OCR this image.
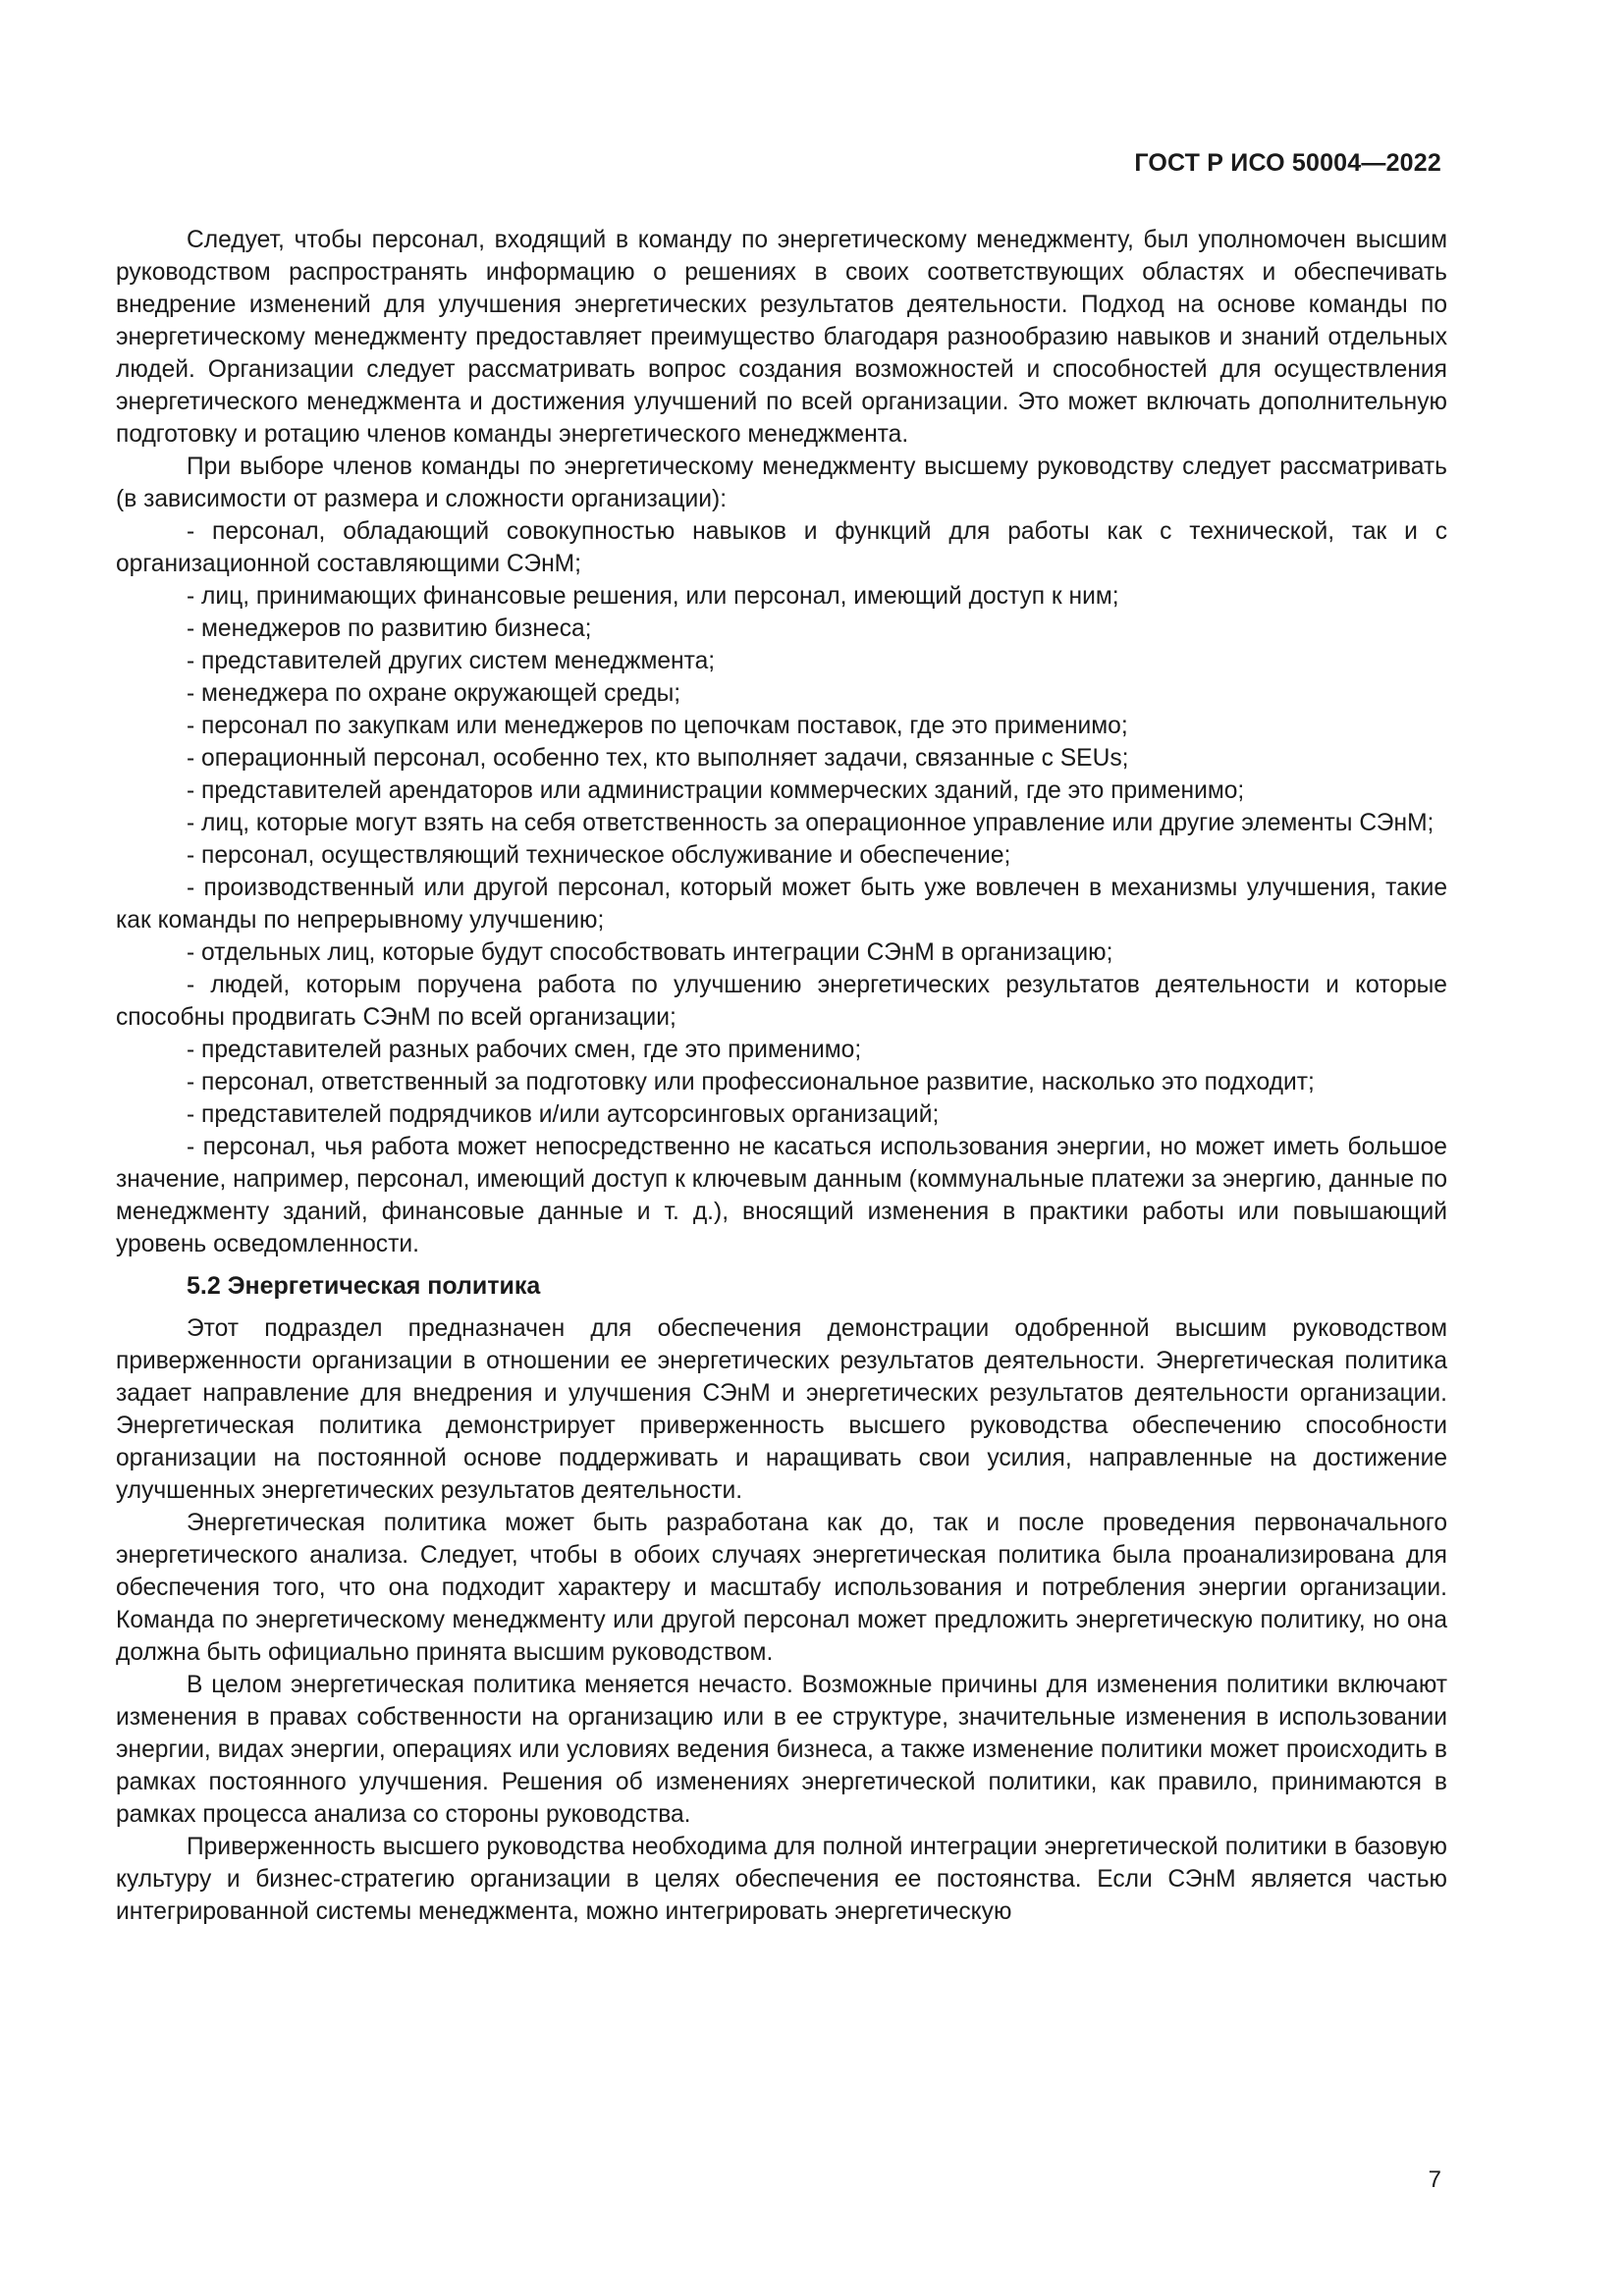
ГОСТ Р ИСО 50004—2022

Следует, чтобы персонал, входящий в команду по энергетическому менеджменту, был уполномочен высшим руководством распространять информацию о решениях в своих соответствующих областях и обеспечивать внедрение изменений для улучшения энергетических результатов деятельности. Подход на основе команды по энергетическому менеджменту предоставляет преимущество благодаря разнообразию навыков и знаний отдельных людей. Организации следует рассматривать вопрос создания возможностей и способностей для осуществления энергетического менеджмента и достижения улучшений по всей организации. Это может включать дополнительную подготовку и ротацию членов команды энергетического менеджмента.

При выборе членов команды по энергетическому менеджменту высшему руководству следует рассматривать (в зависимости от размера и сложности организации):

- персонал, обладающий совокупностью навыков и функций для работы как с технической, так и с организационной составляющими СЭнМ;

- лиц, принимающих финансовые решения, или персонал, имеющий доступ к ним;

- менеджеров по развитию бизнеса;

- представителей других систем менеджмента;

- менеджера по охране окружающей среды;

- персонал по закупкам или менеджеров по цепочкам поставок, где это применимо;

- операционный персонал, особенно тех, кто выполняет задачи, связанные с SEUs;

- представителей арендаторов или администрации коммерческих зданий, где это применимо;

- лиц, которые могут взять на себя ответственность за операционное управление или другие элементы СЭнМ;

- персонал, осуществляющий техническое обслуживание и обеспечение;

- производственный или другой персонал, который может быть уже вовлечен в механизмы улучшения, такие как команды по непрерывному улучшению;

- отдельных лиц, которые будут способствовать интеграции СЭнМ в организацию;

- людей, которым поручена работа по улучшению энергетических результатов деятельности и которые способны продвигать СЭнМ по всей организации;

- представителей разных рабочих смен, где это применимо;

- персонал, ответственный за подготовку или профессиональное развитие, насколько это подходит;

- представителей подрядчиков и/или аутсорсинговых организаций;

- персонал, чья работа может непосредственно не касаться использования энергии, но может иметь большое значение, например, персонал, имеющий доступ к ключевым данным (коммунальные платежи за энергию, данные по менеджменту зданий, финансовые данные и т. д.), вносящий изменения в практики работы или повышающий уровень осведомленности.

5.2 Энергетическая политика

Этот подраздел предназначен для обеспечения демонстрации одобренной высшим руководством приверженности организации в отношении ее энергетических результатов деятельности. Энергетическая политика задает направление для внедрения и улучшения СЭнМ и энергетических результатов деятельности организации. Энергетическая политика демонстрирует приверженность высшего руководства обеспечению способности организации на постоянной основе поддерживать и наращивать свои усилия, направленные на достижение улучшенных энергетических результатов деятельности.

Энергетическая политика может быть разработана как до, так и после проведения первоначального энергетического анализа. Следует, чтобы в обоих случаях энергетическая политика была проанализирована для обеспечения того, что она подходит характеру и масштабу использования и потребления энергии организации. Команда по энергетическому менеджменту или другой персонал может предложить энергетическую политику, но она должна быть официально принята высшим руководством.

В целом энергетическая политика меняется нечасто. Возможные причины для изменения политики включают изменения в правах собственности на организацию или в ее структуре, значительные изменения в использовании энергии, видах энергии, операциях или условиях ведения бизнеса, а также изменение политики может происходить в рамках постоянного улучшения. Решения об изменениях энергетической политики, как правило, принимаются в рамках процесса анализа со стороны руководства.

Приверженность высшего руководства необходима для полной интеграции энергетической политики в базовую культуру и бизнес-стратегию организации в целях обеспечения ее постоянства. Если СЭнМ является частью интегрированной системы менеджмента, можно интегрировать энергетическую

7
